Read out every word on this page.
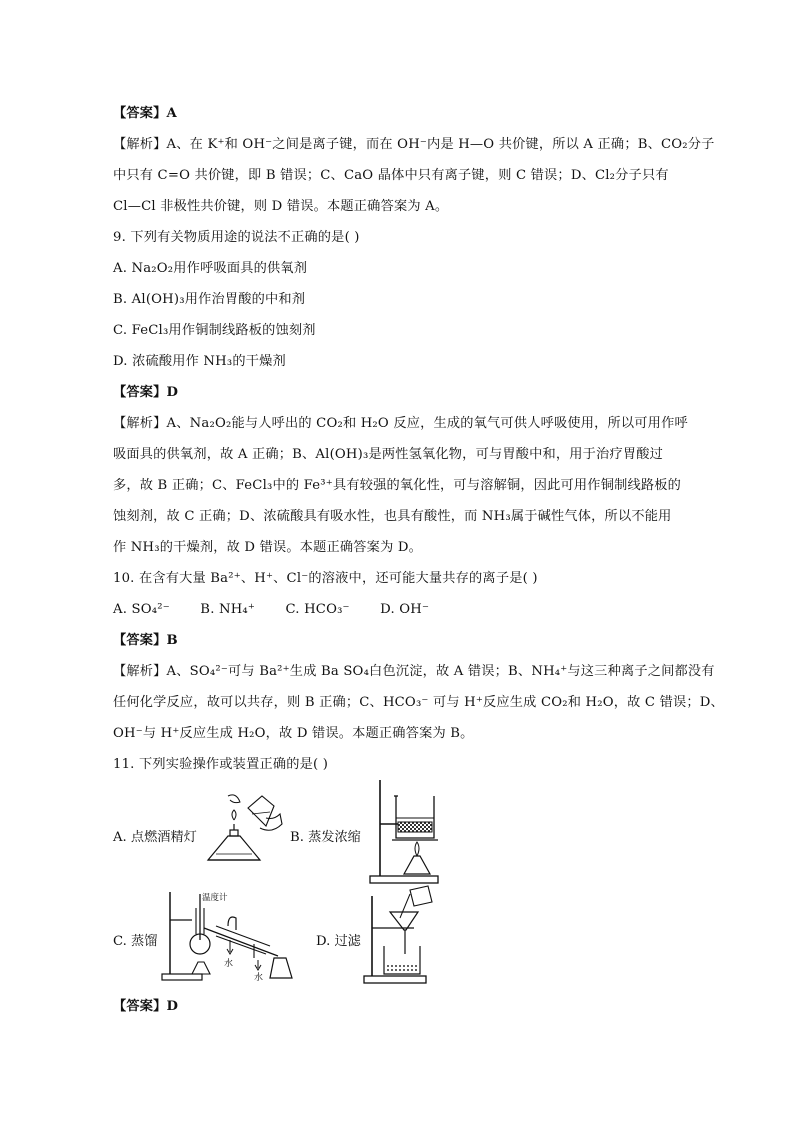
【答案】A
【解析】A、在 K⁺和 OH⁻之间是离子键，而在 OH⁻内是 H—O 共价键，所以 A 正确；B、CO₂分子
中只有 C=O 共价键，即 B 错误；C、CaO 晶体中只有离子键，则 C 错误；D、Cl₂分子只有
Cl—Cl 非极性共价键，则 D 错误。本题正确答案为 A。
9. 下列有关物质用途的说法不正确的是( )
A. Na₂O₂用作呼吸面具的供氧剂
B. Al(OH)₃用作治胃酸的中和剂
C. FeCl₃用作铜制线路板的蚀刻剂
D. 浓硫酸用作 NH₃的干燥剂
【答案】D
【解析】A、Na₂O₂能与人呼出的 CO₂和 H₂O 反应，生成的氧气可供人呼吸使用，所以可用作呼
吸面具的供氧剂，故 A 正确；B、Al(OH)₃是两性氢氧化物，可与胃酸中和，用于治疗胃酸过
多，故 B 正确；C、FeCl₃中的 Fe³⁺具有较强的氧化性，可与溶解铜，因此可用作铜制线路板的
蚀刻剂，故 C 正确；D、浓硫酸具有吸水性，也具有酸性，而 NH₃属于碱性气体，所以不能用
作 NH₃的干燥剂，故 D 错误。本题正确答案为 D。
10. 在含有大量 Ba²⁺、H⁺、Cl⁻的溶液中，还可能大量共存的离子是( )
A. SO₄²⁻ B. NH₄⁺ C. HCO₃⁻ D. OH⁻
【答案】B
【解析】A、SO₄²⁻可与 Ba²⁺生成 Ba SO₄白色沉淀，故 A 错误；B、NH₄⁺与这三种离子之间都没有
任何化学反应，故可以共存，则 B 正确；C、HCO₃⁻ 可与 H⁺反应生成 CO₂和 H₂O，故 C 错误；D、
OH⁻与 H⁺反应生成 H₂O，故 D 错误。本题正确答案为 B。
11. 下列实验操作或装置正确的是( )
A. 点燃酒精灯	B. 蒸发浓缩
C. 蒸馏
温度计
水
水
D. 过滤
【答案】D
